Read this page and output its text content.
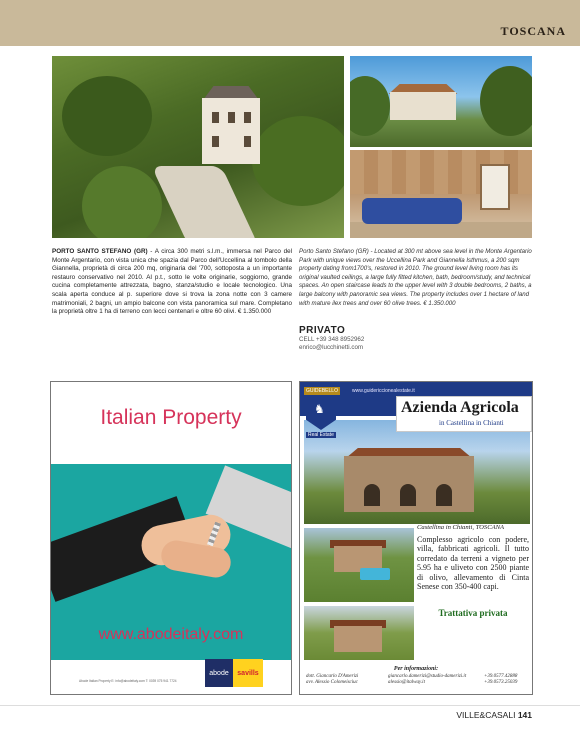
TOSCANA
PORTO SANTO STEFANO (GR) - A circa 300 metri s.l.m., immersa nel Parco del Monte Argentario, con vista unica che spazia dal Parco dell'Uccellina al tombolo della Giannella, proprietà di circa 200 mq, originaria del '700, sottoposta a un importante restauro conservativo nel 2010. Al p.t., sotto le volte originarie, soggiorno, grande cucina completamente attrezzata, bagno, stanza/studio e locale tecnologico. Una scala aperta conduce al p. superiore dove si trova la zona notte con 3 camere matrimoniali, 2 bagni, un ampio balcone con vista panoramica sul mare. Completano la proprietà oltre 1 ha di terreno con lecci centenari e oltre 60 olivi. € 1.350.000
Porto Santo Stefano (GR) - Located at 300 mt above sea level in the Monte Argentario Park with unique views over the Uccellina Park and Giannella Isthmus, a 200 sqm property dating from1700's, restored in 2010. The ground level living room has its original vaulted ceilings, a large fully fitted kitchen, bath, bedroom/study, and technical spaces. An open staircase leads to the upper level with 3 double bedrooms, 2 baths, a large balcony with panoramic sea views. The property includes over 1 hectare of land with mature ilex trees and over 60 olive trees. € 1.350.000
PRIVATO
CELL +39 348 8952962
enrico@lucchinetti.com
Italian Property
www.abodeitaly.com
Abode Italian Property E: info@abodeitaly.com T: 0039 075 941 7724
abode	savills
GUIDEBELLO	www.guidericcionealestate.it
♞
Real Estate
Azienda Agricola
in Castellina in Chianti
Castellina in Chianti, TOSCANA
Complesso agricolo con podere, villa, fabbricati agricoli. Il tutto corredato da terreni a vigneto per 5.95 ha e uliveto con 2500 piante di olivo, allevamento di Cinta Senese con 350-400 capi.
Trattativa privata
Per informazioni:
dott. Giancarlo D'Amerizi
avv. Alessio Colomeisciuc
giancarlo.damerizi@studio-damerizi.it
alessio@italway.it
+39.0577.42888
+39.0573.25039
VILLE&CASALI 141
